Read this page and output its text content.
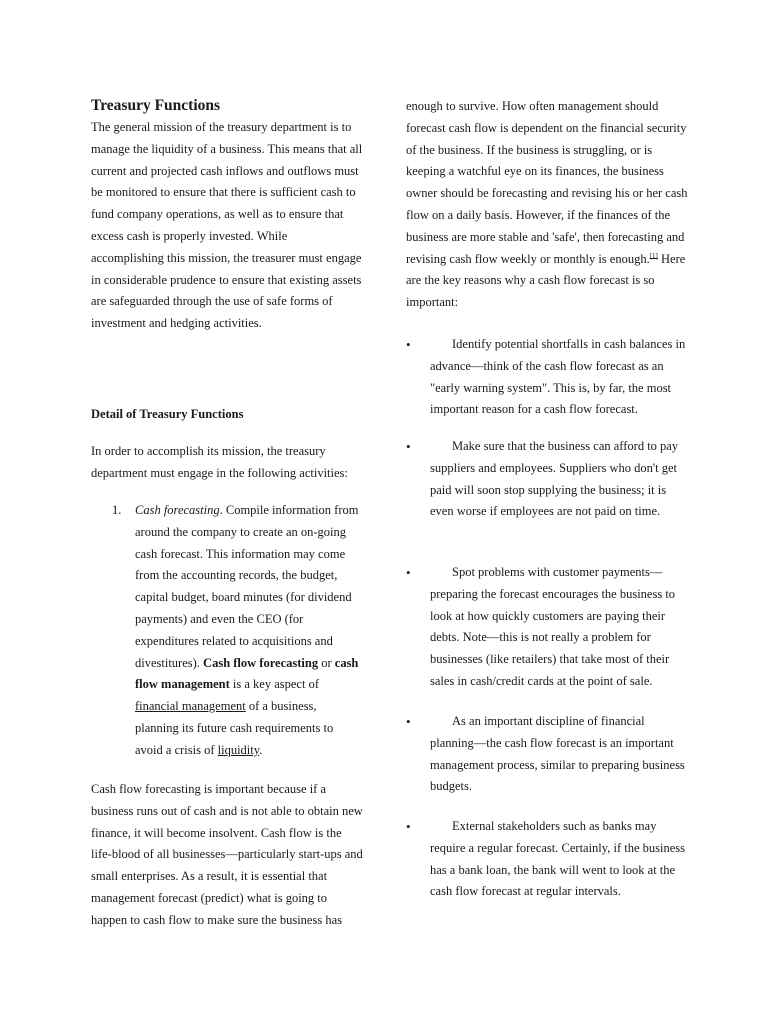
Treasury Functions

The general mission of the treasury department is to manage the liquidity of a business. This means that all current and projected cash inflows and outflows must be monitored to ensure that there is sufficient cash to fund company operations, as well as to ensure that excess cash is properly invested. While accomplishing this mission, the treasurer must engage in considerable prudence to ensure that existing assets are safeguarded through the use of safe forms of investment and hedging activities.

Detail of Treasury Functions

In order to accomplish its mission, the treasury department must engage in the following activities:

1. Cash forecasting. Compile information from around the company to create an on-going cash forecast. This information may come from the accounting records, the budget, capital budget, board minutes (for dividend payments) and even the CEO (for expenditures related to acquisitions and divestitures). Cash flow forecasting or cash flow management is a key aspect of financial management of a business, planning its future cash requirements to avoid a crisis of liquidity.

Cash flow forecasting is important because if a business runs out of cash and is not able to obtain new finance, it will become insolvent. Cash flow is the life-blood of all businesses—particularly start-ups and small enterprises. As a result, it is essential that management forecast (predict) what is going to happen to cash flow to make sure the business has

enough to survive. How often management should forecast cash flow is dependent on the financial security of the business. If the business is struggling, or is keeping a watchful eye on its finances, the business owner should be forecasting and revising his or her cash flow on a daily basis. However, if the finances of the business are more stable and 'safe', then forecasting and revising cash flow weekly or monthly is enough.[1] Here are the key reasons why a cash flow forecast is so important:

•	Identify potential shortfalls in cash balances in advance—think of the cash flow forecast as an "early warning system". This is, by far, the most important reason for a cash flow forecast.
•	Make sure that the business can afford to pay suppliers and employees. Suppliers who don't get paid will soon stop supplying the business; it is even worse if employees are not paid on time.
•	Spot problems with customer payments—preparing the forecast encourages the business to look at how quickly customers are paying their debts. Note—this is not really a problem for businesses (like retailers) that take most of their sales in cash/credit cards at the point of sale.
•	As an important discipline of financial planning—the cash flow forecast is an important management process, similar to preparing business budgets.
•	External stakeholders such as banks may require a regular forecast. Certainly, if the business has a bank loan, the bank will went to look at the cash flow forecast at regular intervals.
